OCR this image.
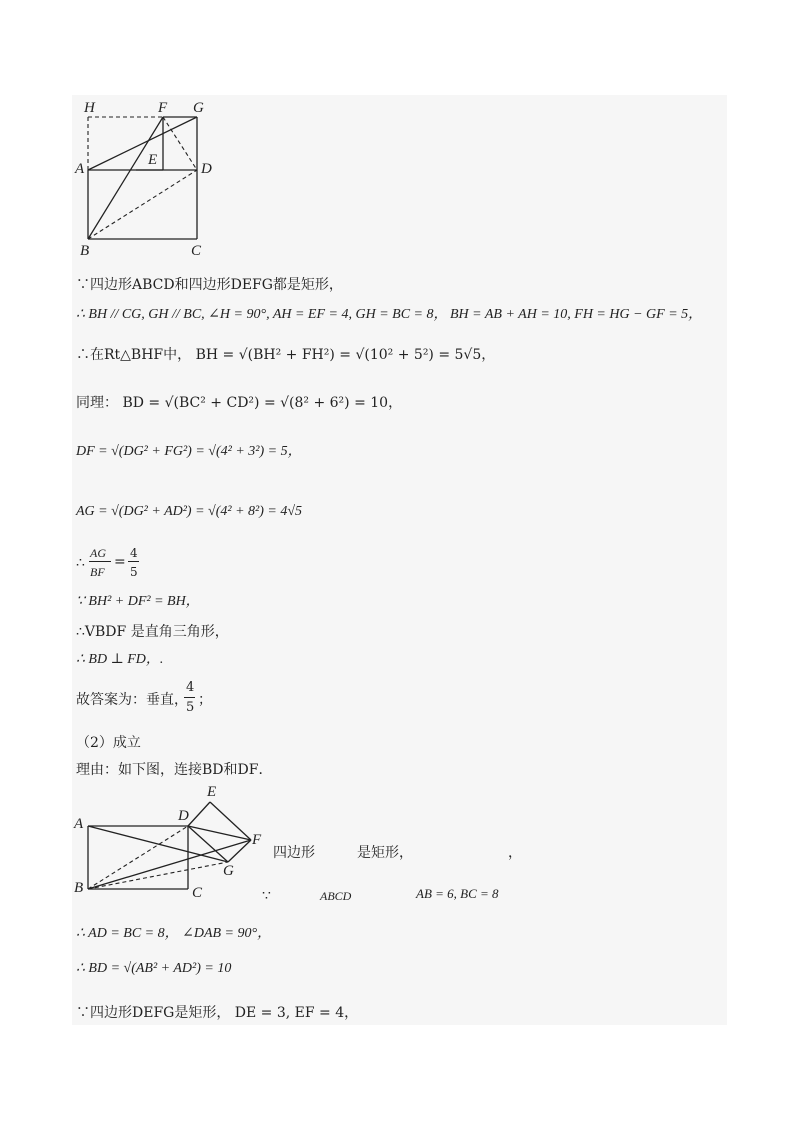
H	F G
A
E
D
B	C
∵四边形ABCD和四边形DEFG都是矩形，
∴ BH // CG, GH // BC, ∠H = 90°, AH = EF = 4, GH = BC = 8， BH = AB + AH = 10, FH = HG − GF = 5，
∴在Rt△BHF中， BH = √(BH² + FH²) = √(10² + 5²) = 5√5，
同理： BD = √(BC² + CD²) = √(8² + 6²) = 10，
DF = √(DG² + FG²) = √(4² + 3²) = 5，
AG = √(DG² + AD²) = √(4² + 8²) = 4√5
∴
AG
BF
=
4
5
∵ BH² + DF² = BH，
∴VBDF 是直角三角形，
∴ BD ⊥ FD，.
故答案为：垂直，
4
5 ；
（2）成立
理由：如下图，连接BD和DF．
A	D
E
F
G
B	C
四边形	是矩形，	，
∵	ABCD	AB = 6, BC = 8
∴ AD = BC = 8， ∠DAB = 90°，
∴ BD = √(AB² + AD²) = 10
∵四边形DEFG是矩形， DE = 3, EF = 4，
